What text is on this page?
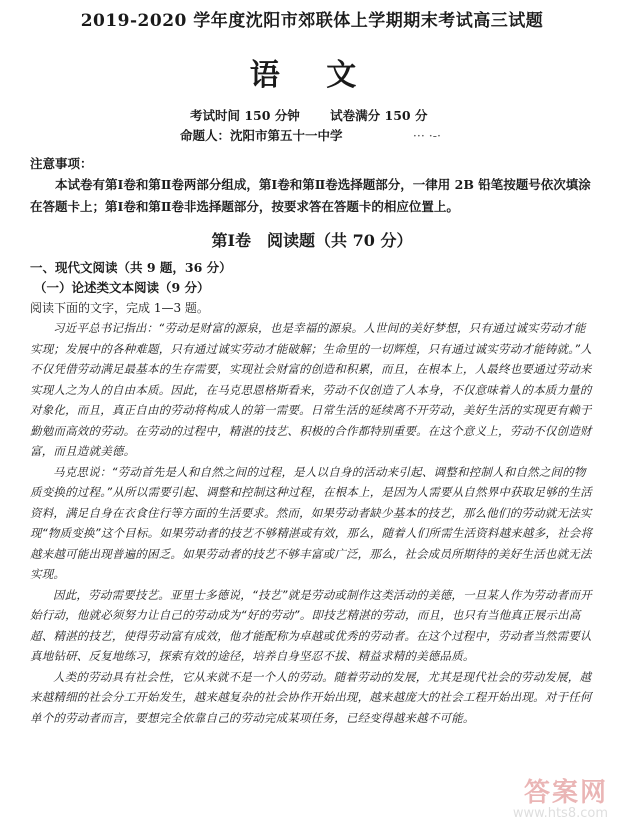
2019-2020 学年度沈阳市郊联体上学期期末考试高三试题
语 文
考试时间 150 分钟 试卷满分 150 分
命题人：沈阳市第五十一中学	··· ·-·
注意事项：
本试卷有第Ⅰ卷和第Ⅱ卷两部分组成，第Ⅰ卷和第Ⅱ卷选择题部分，一律用 2B 铅笔按题号依次填涂在答题卡上；第Ⅰ卷和第Ⅱ卷非选择题部分，按要求答在答题卡的相应位置上。
第Ⅰ卷　阅读题（共 70 分）
一、现代文阅读（共 9 题，36 分）
（一）论述类文本阅读（9 分）
阅读下面的文字，完成 1—3 题。

习近平总书记指出：“劳动是财富的源泉，也是幸福的源泉。人世间的美好梦想，只有通过诚实劳动才能实现；发展中的各种难题，只有通过诚实劳动才能破解；生命里的一切辉煌，只有通过诚实劳动才能铸就。”人不仅凭借劳动满足最基本的生存需要，实现社会财富的创造和积累，而且，在根本上，人最终也要通过劳动来实现人之为人的自由本质。因此，在马克思恩格斯看来，劳动不仅创造了人本身，不仅意味着人的本质力量的对象化，而且，真正自由的劳动将构成人的第一需要。日常生活的延续离不开劳动，美好生活的实现更有赖于勤勉而高效的劳动。在劳动的过程中，精湛的技艺、积极的合作都特别重要。在这个意义上，劳动不仅创造财富，而且造就美德。

马克思说：“劳动首先是人和自然之间的过程，是人以自身的活动来引起、调整和控制人和自然之间的物质变换的过程。”从所以需要引起、调整和控制这种过程，在根本上，是因为人需要从自然界中获取足够的生活资料，满足自身在衣食住行等方面的生活要求。然而，如果劳动者缺少基本的技艺，那么他们的劳动就无法实现“物质变换”这个目标。如果劳动者的技艺不够精湛或有效，那么，随着人们所需生活资料越来越多，社会将越来越可能出现普遍的困乏。如果劳动者的技艺不够丰富或广泛，那么，社会成员所期待的美好生活也就无法实现。

因此，劳动需要技艺。亚里士多德说，“技艺”就是劳动或制作这类活动的美德，一旦某人作为劳动者而开始行动，他就必须努力让自己的劳动成为“好的劳动”。即技艺精湛的劳动，而且，也只有当他真正展示出高超、精湛的技艺，使得劳动富有成效，他才能配称为卓越或优秀的劳动者。在这个过程中，劳动者当然需要认真地钻研、反复地练习，探索有效的途径，培养自身坚忍不拔、精益求精的美德品质。

人类的劳动具有社会性，它从来就不是一个人的劳动。随着劳动的发展，尤其是现代社会的劳动发展，越来越精细的社会分工开始发生，越来越复杂的社会协作开始出现，越来越庞大的社会工程开始出现。对于任何单个的劳动者而言，要想完全依靠自己的劳动完成某项任务，已经变得越来越不可能。

答案网
www.hts8.com
